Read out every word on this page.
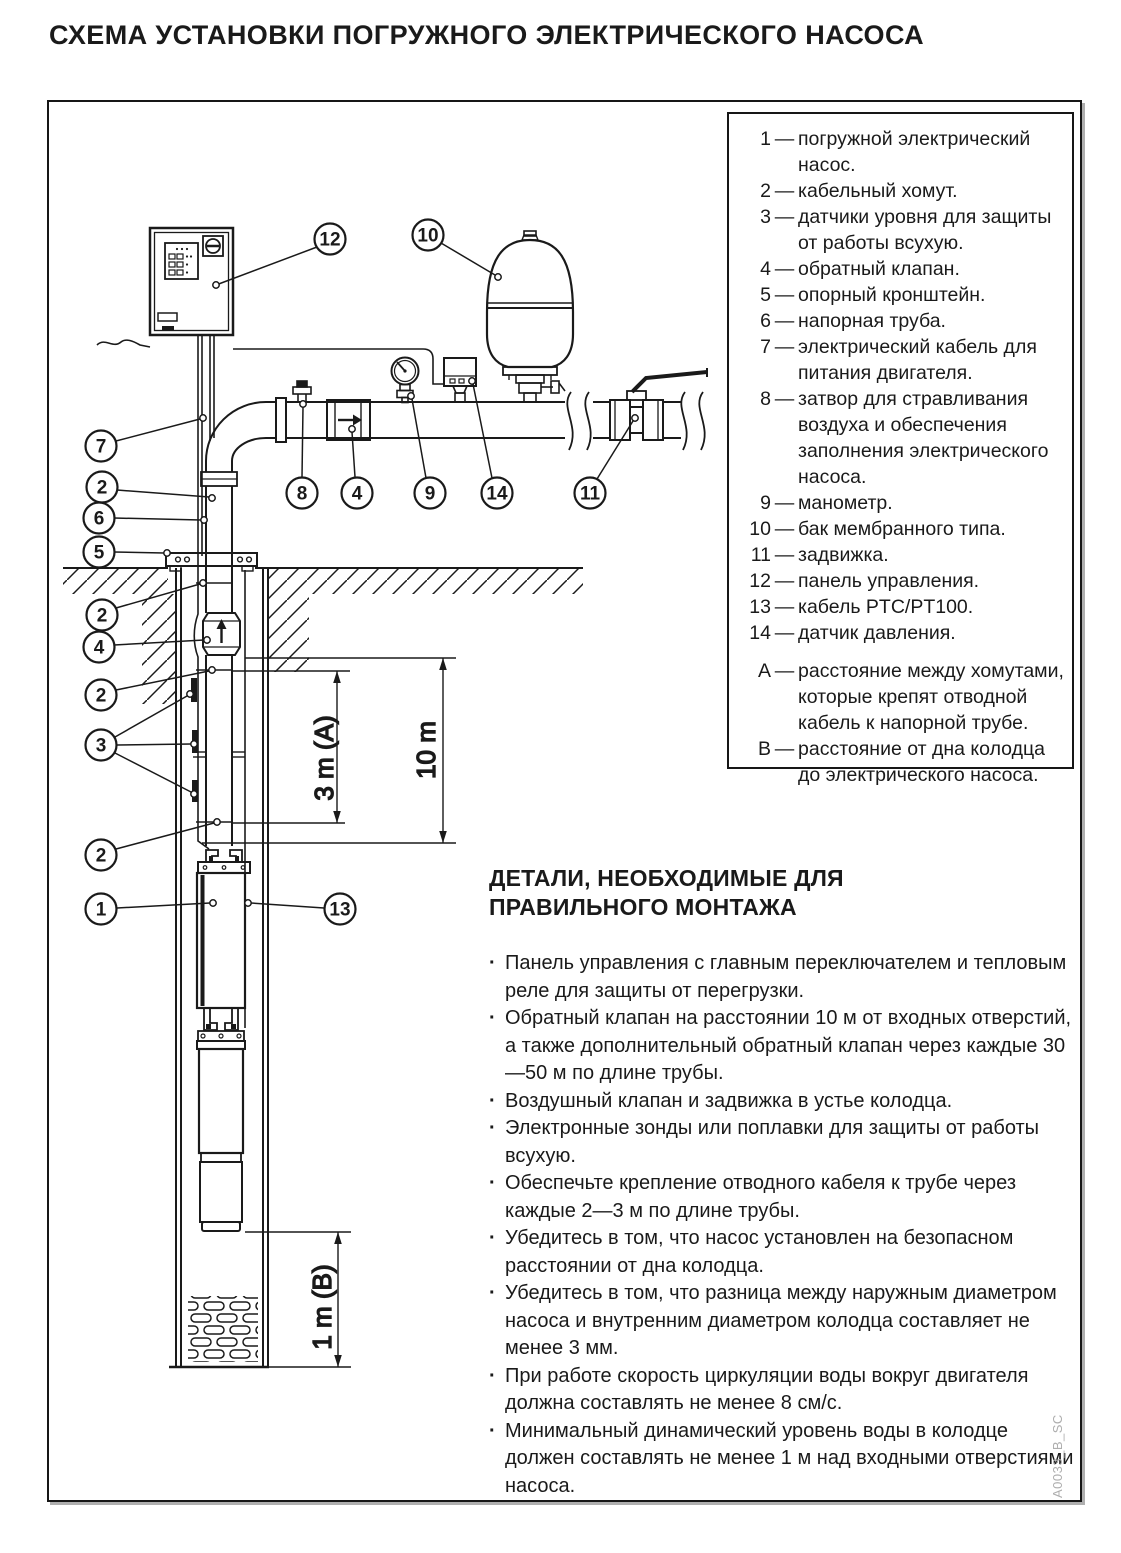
СХЕМА УСТАНОВКИ ПОГРУЖНОГО ЭЛЕКТРИЧЕСКОГО НАСОСА
3 m (A)	10 m
1 m (B)
12	10
7
2
6
5
2
4
2
3
2
1	13
8 4	9	14	11
1 — погружной электрический насос.
2 — кабельный хомут.
3 — датчики уровня для защиты от работы всухую.
4 — обратный клапан.
5 — опорный кронштейн.
6 — напорная труба.
7 — электрический кабель для питания двигателя.
8 — затвор для стравливания воздуха и обеспечения заполнения электрического насоса.
9 — манометр.
10 — бак мембранного типа.
11 — задвижка.
12 — панель управления.
13 — кабель PTC/PT100.
14 — датчик давления.
А — расстояние между хомутами, которые крепят отводной кабель к напорной трубе.
В — расстояние от дна колодца до электрического насоса.
ДЕТАЛИ, НЕОБХОДИМЫЕ ДЛЯ
ПРАВИЛЬНОГО МОНТАЖА
· Панель управления с главным переключателем и тепловым реле для защиты от перегрузки.
· Обратный клапан на расстоянии 10 м от входных отверстий, а также дополнительный обратный клапан через каждые 30—50 м по длине трубы.
· Воздушный клапан и задвижка в устье колодца.
· Электронные зонды или поплавки для защиты от работы всухую.
· Обеспечьте крепление отводного кабеля к трубе через каждые 2—3 м по длине трубы.
· Убедитесь в том, что насос установлен на безопасном расстоянии от дна колодца.
· Убедитесь в том, что разница между наружным диаметром насоса и внутренним диаметром колодца составляет не менее 3 мм.
· При работе скорость циркуляции воды вокруг двигателя должна составлять не менее 8 см/с.
· Минимальный динамический уровень воды в колодце должен составлять не менее 1 м над входными отверстиями насоса.	A0033_B_SC
